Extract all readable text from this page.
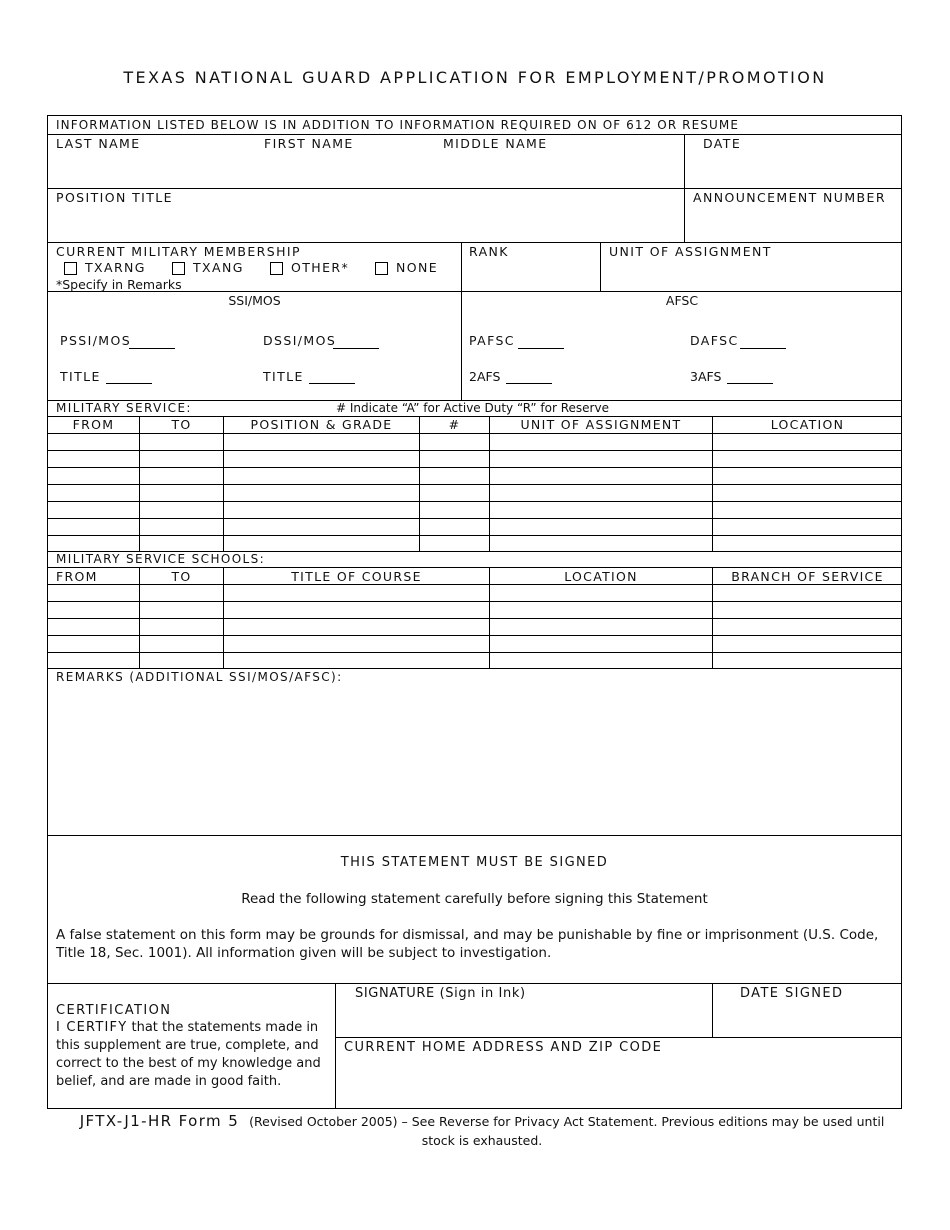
TEXAS NATIONAL GUARD APPLICATION FOR EMPLOYMENT/PROMOTION
INFORMATION LISTED BELOW IS IN ADDITION TO INFORMATION REQUIRED ON OF 612 OR RESUME
LAST NAME	FIRST NAME	MIDDLE NAME	DATE
POSITION TITLE	ANNOUNCEMENT NUMBER
CURRENT MILITARY MEMBERSHIP
TXARNG	TXANG	OTHER*	NONE
*Specify in Remarks
RANK	UNIT OF ASSIGNMENT
SSI/MOS	AFSC
PSSI/MOS	DSSI/MOS
TITLE	TITLE
PAFSC	DAFSC
2AFS	3AFS
MILITARY SERVICE:	# Indicate “A” for Active Duty “R” for Reserve
FROM	TO	POSITION & GRADE	#	UNIT OF ASSIGNMENT	LOCATION
MILITARY SERVICE SCHOOLS:
FROM	TO	TITLE OF COURSE	LOCATION	BRANCH OF SERVICE
REMARKS (ADDITIONAL SSI/MOS/AFSC):
THIS STATEMENT MUST BE SIGNED
Read the following statement carefully before signing this Statement
A false statement on this form may be grounds for dismissal, and may be punishable by fine or imprisonment (U.S. Code, Title 18, Sec. 1001). All information given will be subject to investigation.
CERTIFICATION
I CERTIFY that the statements made in this supplement are true, complete, and correct to the best of my knowledge and belief, and are made in good faith.
SIGNATURE (Sign in Ink)	DATE SIGNED
CURRENT HOME ADDRESS AND ZIP CODE
JFTX-J1-HR Form 5 (Revised October 2005) – See Reverse for Privacy Act Statement. Previous editions may be used until stock is exhausted.
